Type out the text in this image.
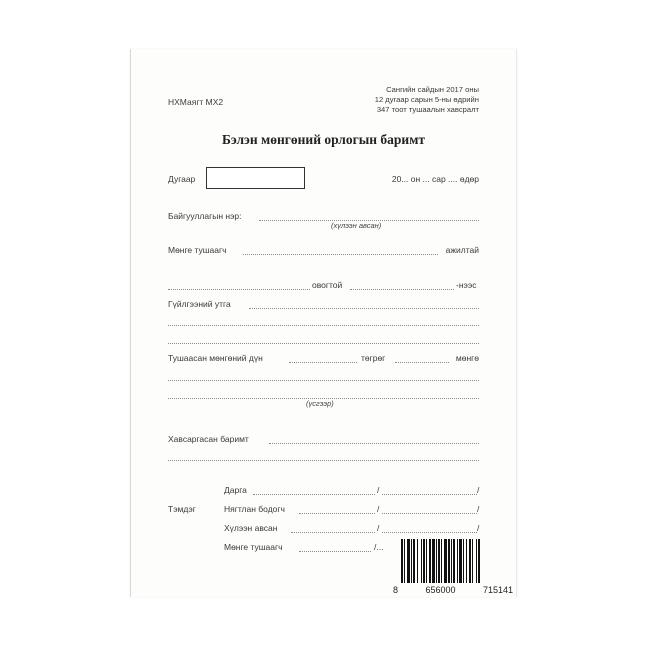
НХМаягт МХ2
Сангийн сайдын 2017 оны
12 дугаар сарын 5-ны өдрийн
347 тоот тушаалын хавсралт
Бэлэн мөнгөний орлогын баримт
Дугаар	20... он ... сар .... өдөр
Байгууллагын нэр:
(хүлээн авсан)
Мөнге тушаагч	ажилтай
овогтой	-нээс
Гүйлгээний утга
Тушаасан мөнгөний дүн	төгрөг	мөнгө
(үсгээр)
Хавсаргасан баримт
Тэмдэг
Дарга	/	/
Нягтлан бодогч	/	/
Хүлээн авсан	/	/
Мөнге тушаагч	/...
8	656000	715141
